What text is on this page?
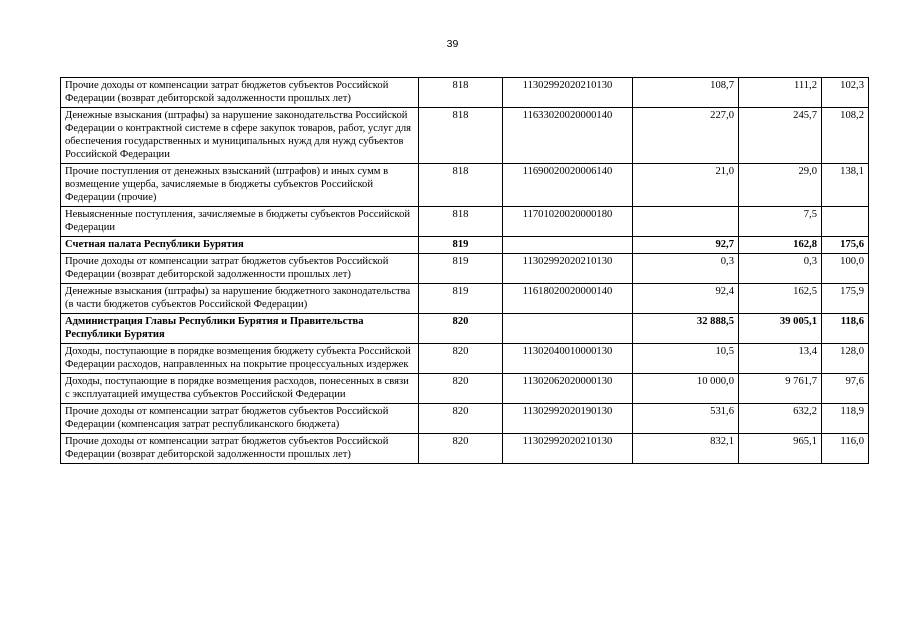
39
Прочие доходы от компенсации затрат бюджетов субъектов Российской Федерации (возврат дебиторской задолженности прошлых лет)	818	11302992020210130	108,7	111,2	102,3
Денежные взыскания (штрафы) за нарушение законодательства Российской Федерации о контрактной системе в сфере закупок товаров, работ, услуг для обеспечения государственных и муниципальных нужд для нужд субъектов Российской Федерации	818	11633020020000140	227,0	245,7	108,2
Прочие поступления от денежных взысканий (штрафов) и иных сумм в возмещение ущерба, зачисляемые в бюджеты субъектов Российской Федерации (прочие)	818	11690020020006140	21,0	29,0	138,1
Невыясненные поступления, зачисляемые в бюджеты субъектов Российской Федерации	818	11701020020000180		7,5	
Счетная палата Республики Бурятия	819		92,7	162,8	175,6
Прочие доходы от компенсации затрат бюджетов субъектов Российской Федерации (возврат дебиторской задолженности прошлых лет)	819	11302992020210130	0,3	0,3	100,0
Денежные взыскания (штрафы) за нарушение бюджетного законодательства (в части бюджетов субъектов Российской Федерации)	819	11618020020000140	92,4	162,5	175,9
Администрация Главы Республики Бурятия и Правительства Республики Бурятия	820		32 888,5	39 005,1	118,6
Доходы, поступающие в порядке возмещения бюджету субъекта Российской Федерации расходов, направленных на покрытие процессуальных издержек	820	11302040010000130	10,5	13,4	128,0
Доходы, поступающие в порядке возмещения расходов, понесенных в связи с эксплуатацией имущества субъектов Российской Федерации	820	11302062020000130	10 000,0	9 761,7	97,6
Прочие доходы от компенсации затрат бюджетов субъектов Российской Федерации (компенсация затрат республиканского бюджета)	820	11302992020190130	531,6	632,2	118,9
Прочие доходы от компенсации затрат бюджетов субъектов Российской Федерации (возврат дебиторской задолженности прошлых лет)	820	11302992020210130	832,1	965,1	116,0
